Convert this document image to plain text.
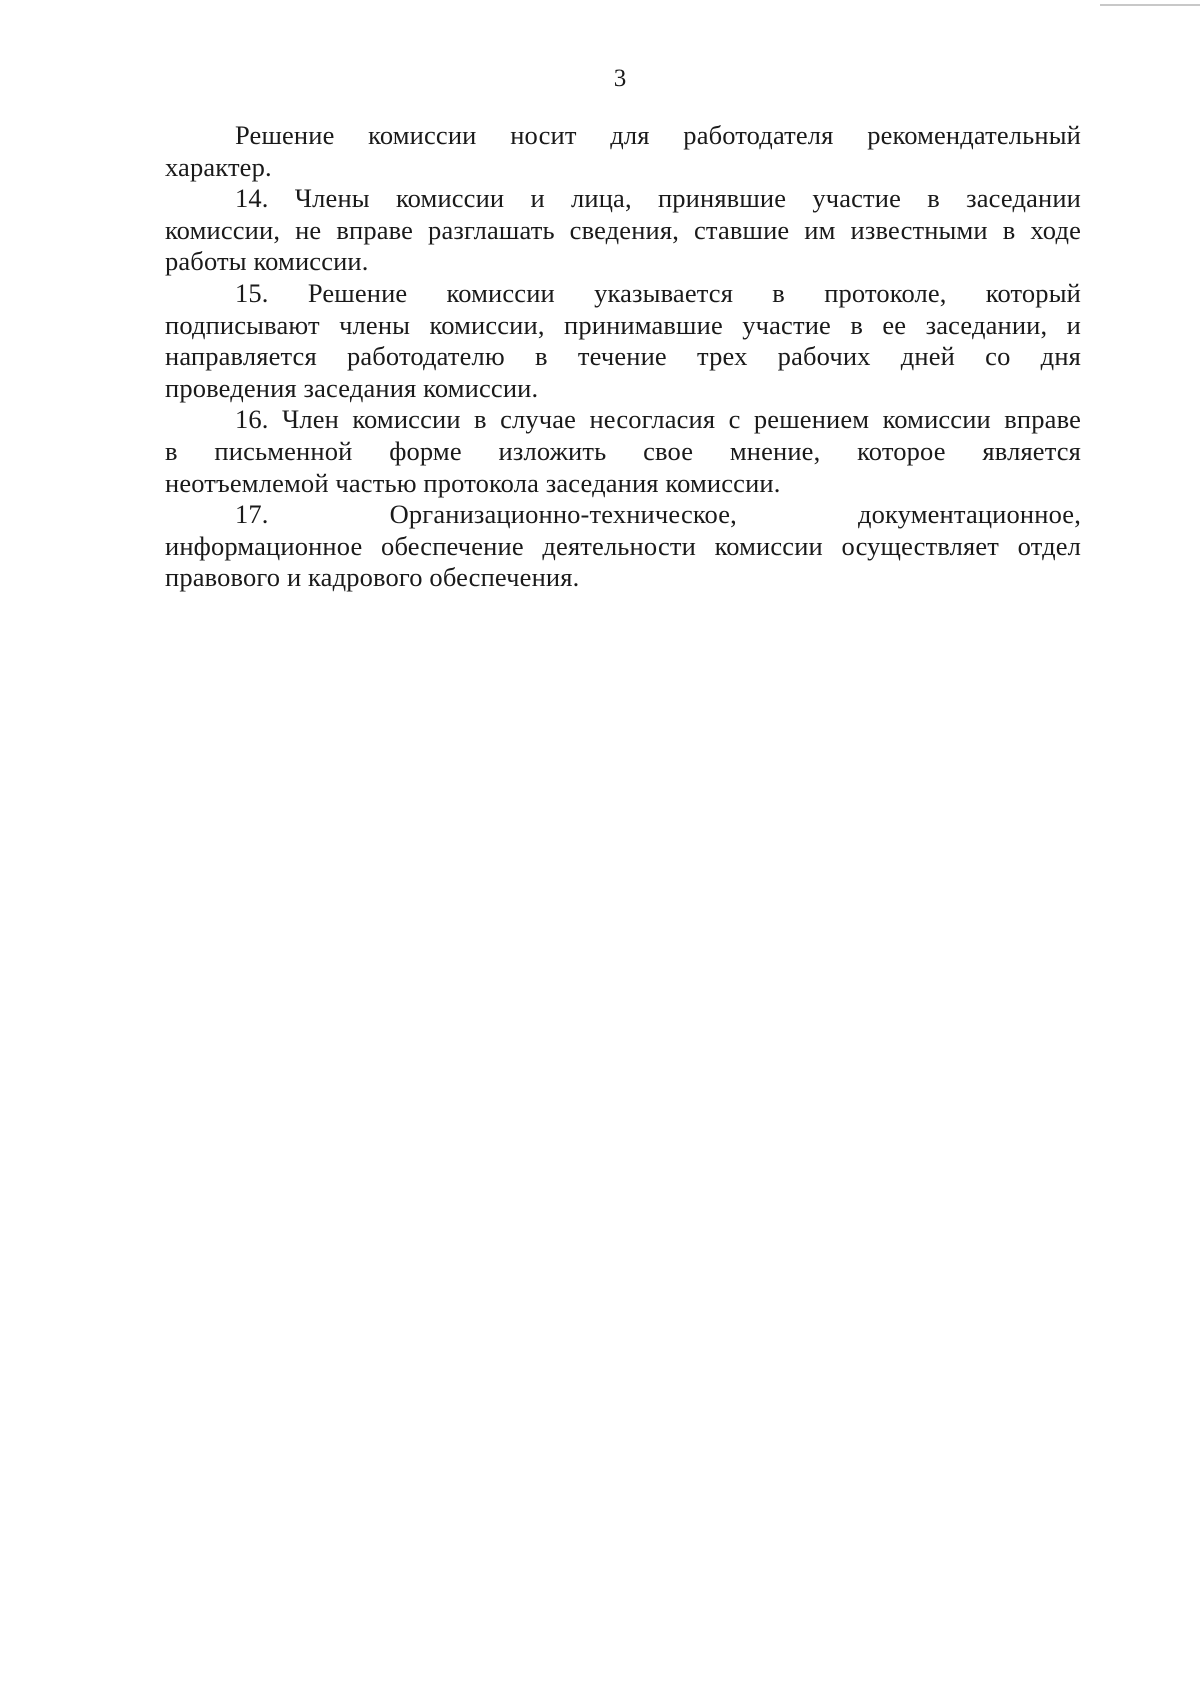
3
Решение комиссии носит для работодателя рекомендательный
характер.
14. Члены комиссии и лица, принявшие участие в заседании
комиссии, не вправе разглашать сведения, ставшие им известными в ходе
работы комиссии.
15. Решение комиссии указывается в протоколе, который
подписывают члены комиссии, принимавшие участие в ее заседании, и
направляется работодателю в течение трех рабочих дней со дня
проведения заседания комиссии.
16. Член комиссии в случае несогласия с решением комиссии вправе
в письменной форме изложить свое мнение, которое является
неотъемлемой частью протокола заседания комиссии.
17. Организационно-техническое, документационное,
информационное обеспечение деятельности комиссии осуществляет отдел
правового и кадрового обеспечения.
